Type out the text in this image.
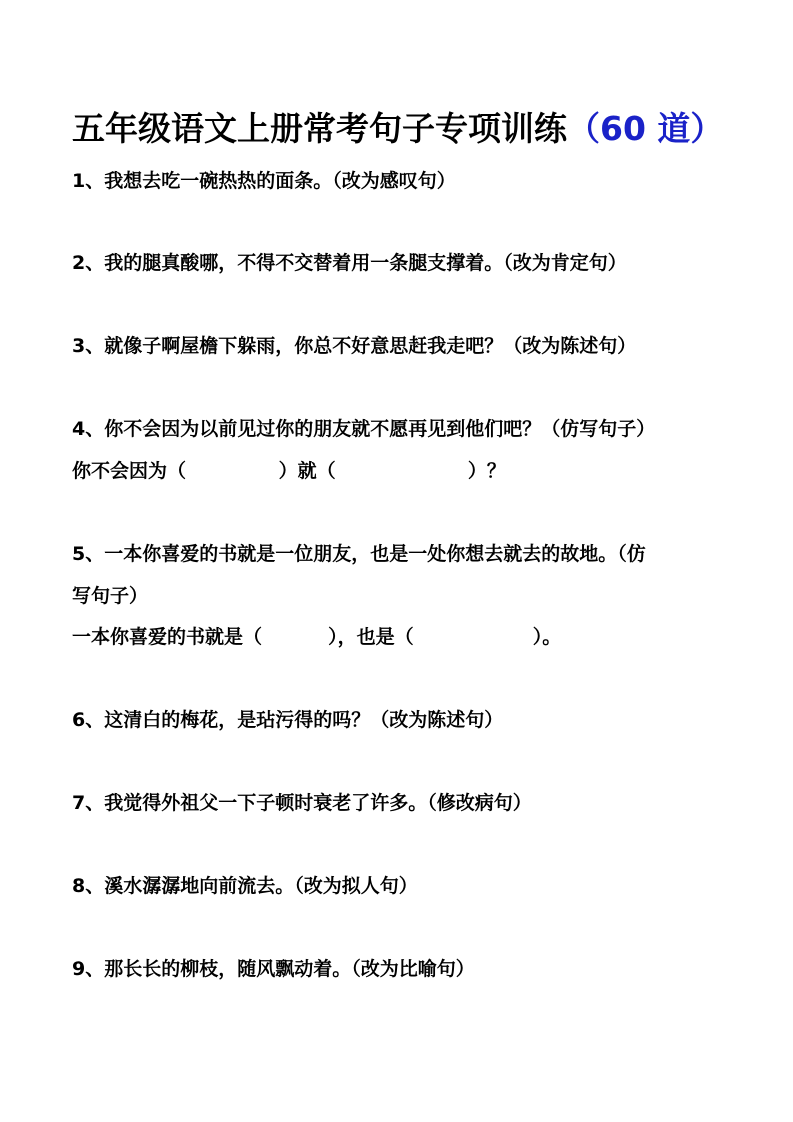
五年级语文上册常考句子专项训练（60 道）
1、我想去吃一碗热热的面条。（改为感叹句）
2、我的腿真酸哪，不得不交替着用一条腿支撑着。（改为肯定句）
3、就像子啊屋檐下躲雨，你总不好意思赶我走吧？（改为陈述句）
4、你不会因为以前见过你的朋友就不愿再见到他们吧？（仿写句子）
你不会因为（              ）就（                    ）？
5、一本你喜爱的书就是一位朋友，也是一处你想去就去的故地。（仿
写句子）
一本你喜爱的书就是（          ），也是（                  ）。
6、这清白的梅花，是玷污得的吗？（改为陈述句）
7、我觉得外祖父一下子顿时衰老了许多。（修改病句）
8、溪水潺潺地向前流去。（改为拟人句）
9、那长长的柳枝，随风飘动着。（改为比喻句）
